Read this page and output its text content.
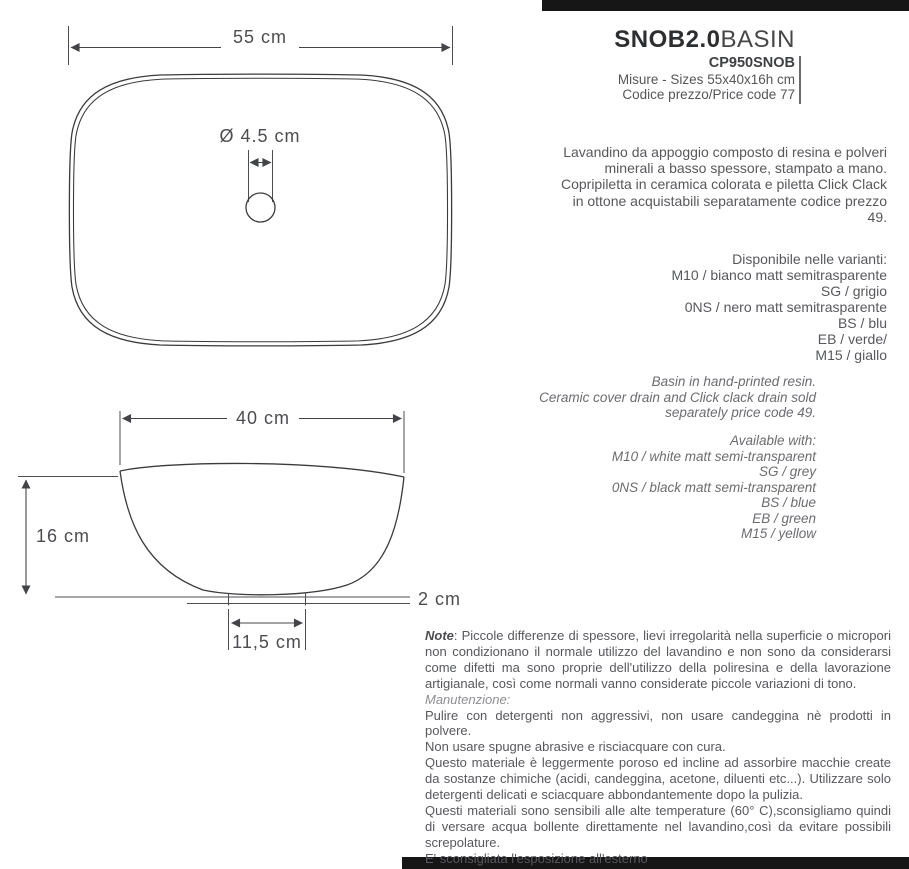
55 cm
Ø 4.5 cm
40 cm
2 cm
16 cm
11,5 cm
SNOB2.0BASIN
CP950SNOB
Misure - Sizes 55x40x16h cm
Codice prezzo/Price code 77

Lavandino da appoggio composto di resina e polveri minerali a basso spessore, stampato a mano.

Copripiletta in ceramica colorata e piletta Click Clack in ottone acquistabili separatamente codice prezzo 49.

Disponibile nelle varianti:
M10 / bianco matt semitrasparente
SG / grigio
0NS / nero matt semitrasparente
BS / blu
EB / verde/
M15 / giallo

Basin in hand-printed resin.

Ceramic cover drain and Click clack drain sold separately price code 49.

Available with:
M10 / white matt semi-transparent
SG / grey
0NS / black matt semi-transparent
BS / blue
EB / green
M15 / yellow

Note: Piccole differenze di spessore, lievi irregolarità nella superficie o micropori non condizionano il normale utilizzo del lavandino e non sono da considerarsi come difetti ma sono proprie dell'utilizzo della poliresina e della lavorazione artigianale, così come normali vanno considerate piccole variazioni di tono.

Manutenzione:

Pulire con detergenti non aggressivi, non usare candeggina nè prodotti in polvere.

Non usare spugne abrasive e risciacquare con cura.

Questo materiale è leggermente poroso ed incline ad assorbire macchie create da sostanze chimiche (acidi, candeggina, acetone, diluenti etc...). Utilizzare solo detergenti delicati e sciacquare abbondantemente dopo la pulizia.

Questi materiali sono sensibili alle alte temperature (60° C),sconsigliamo quindi di versare acqua bollente direttamente nel lavandino,così da evitare possibili screpolature.

E' sconsigliata l'esposizione all'esterno
